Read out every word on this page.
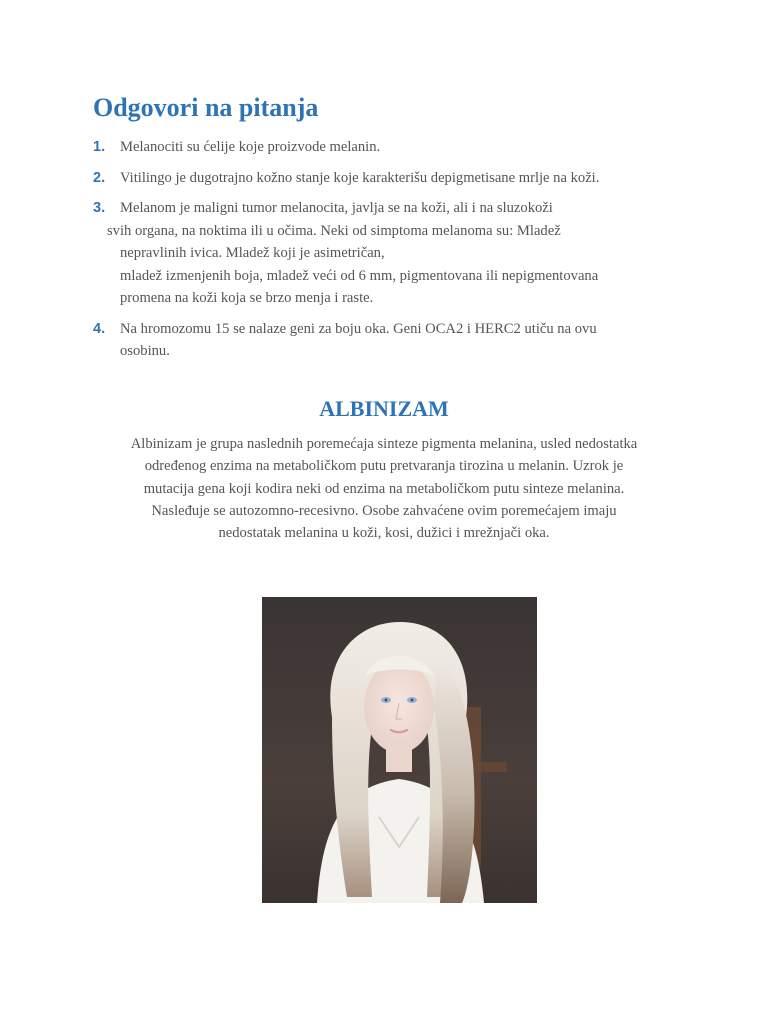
Odgovori na pitanja
1. Melanociti su ćelije koje proizvode melanin.
2. Vitilingo je dugotrajno kožno stanje koje karakterišu depigmetisane mrlje na koži.
3. Melanom je maligni tumor melanocita, javlja se na koži, ali i na sluzokoži
svih organa, na noktima ili u očima. Neki od simptoma melanoma su: Mladež
nepravlinih ivica. Mladež koji je asimetričan,
mladež izmenjenih boja, mladež veći od 6 mm, pigmentovana ili nepigmentovana
promena na koži koja se brzo menja i raste.
4. Na hromozomu 15 se nalaze geni za boju oka. Geni OCA2 i HERC2 utiču na ovu
osobinu.
ALBINIZAM
Albinizam je grupa naslednih poremećaja sinteze pigmenta melanina, usled nedostatka
određenog enzima na metaboličkom putu pretvaranja tirozina u melanin. Uzrok je
mutacija gena koji kodira neki od enzima na metaboličkom putu sinteze melanina.
Nasleđuje se autozomno-recesivno. Osobe zahvaćene ovim poremećajem imaju
nedostatak melanina u koži, kosi, dužici i mrežnjači oka.
